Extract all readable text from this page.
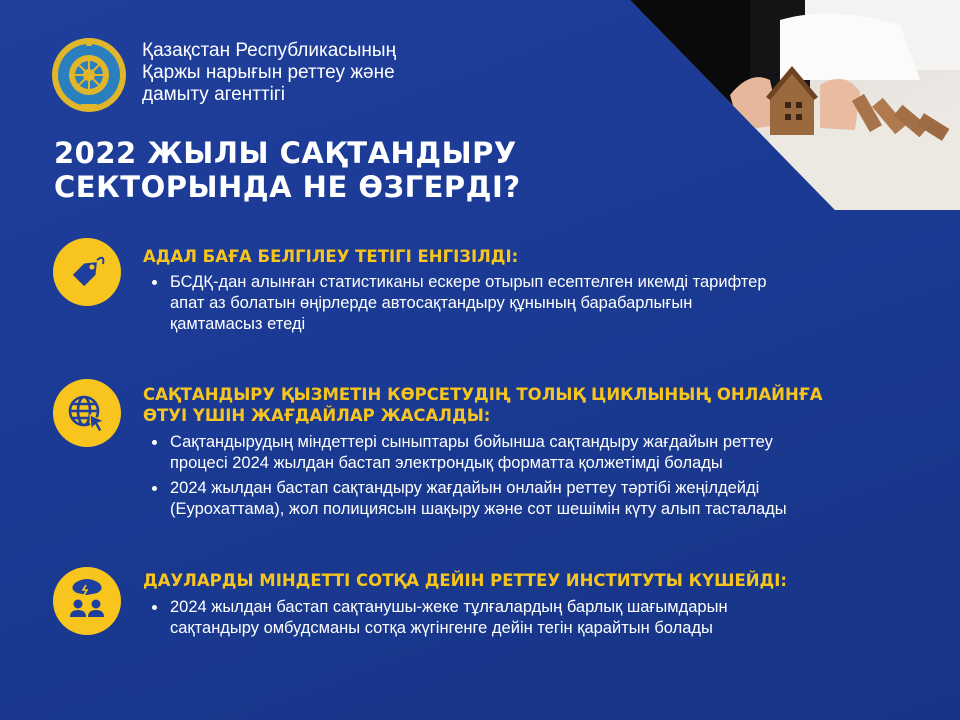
Қазақстан Республикасының
Қаржы нарығын реттеу және
дамыту агенттігі
2022 ЖЫЛЫ САҚТАНДЫРУ
СЕКТОРЫНДА НЕ ӨЗГЕРДІ?
АДАЛ БАҒА БЕЛГІЛЕУ ТЕТІГІ ЕНГІЗІЛДІ:
БСДҚ-дан алынған статистиканы ескере отырып есептелген икемді тарифтер
апат аз болатын өңірлерде автосақтандыру құнының барабарлығын
қамтамасыз етеді
САҚТАНДЫРУ ҚЫЗМЕТІН КӨРСЕТУДІҢ ТОЛЫҚ ЦИКЛЫНЫҢ ОНЛАЙНҒА
ӨТУІ ҮШІН ЖАҒДАЙЛАР ЖАСАЛДЫ:
Сақтандырудың міндеттері сыныптары бойынша сақтандыру жағдайын реттеу
процесі 2024 жылдан бастап электрондық форматта қолжетімді болады
2024 жылдан бастап сақтандыру жағдайын онлайн реттеу тәртібі жеңілдейді
(Еурохаттама), жол полициясын шақыру және сот шешімін күту алып тасталады
ДАУЛАРДЫ МІНДЕТТІ СОТҚА ДЕЙІН РЕТТЕУ ИНСТИТУТЫ КҮШЕЙДІ:
2024 жылдан бастап сақтанушы-жеке тұлғалардың барлық шағымдарын
сақтандыру омбудсманы сотқа жүгінгенге дейін тегін қарайтын болады
